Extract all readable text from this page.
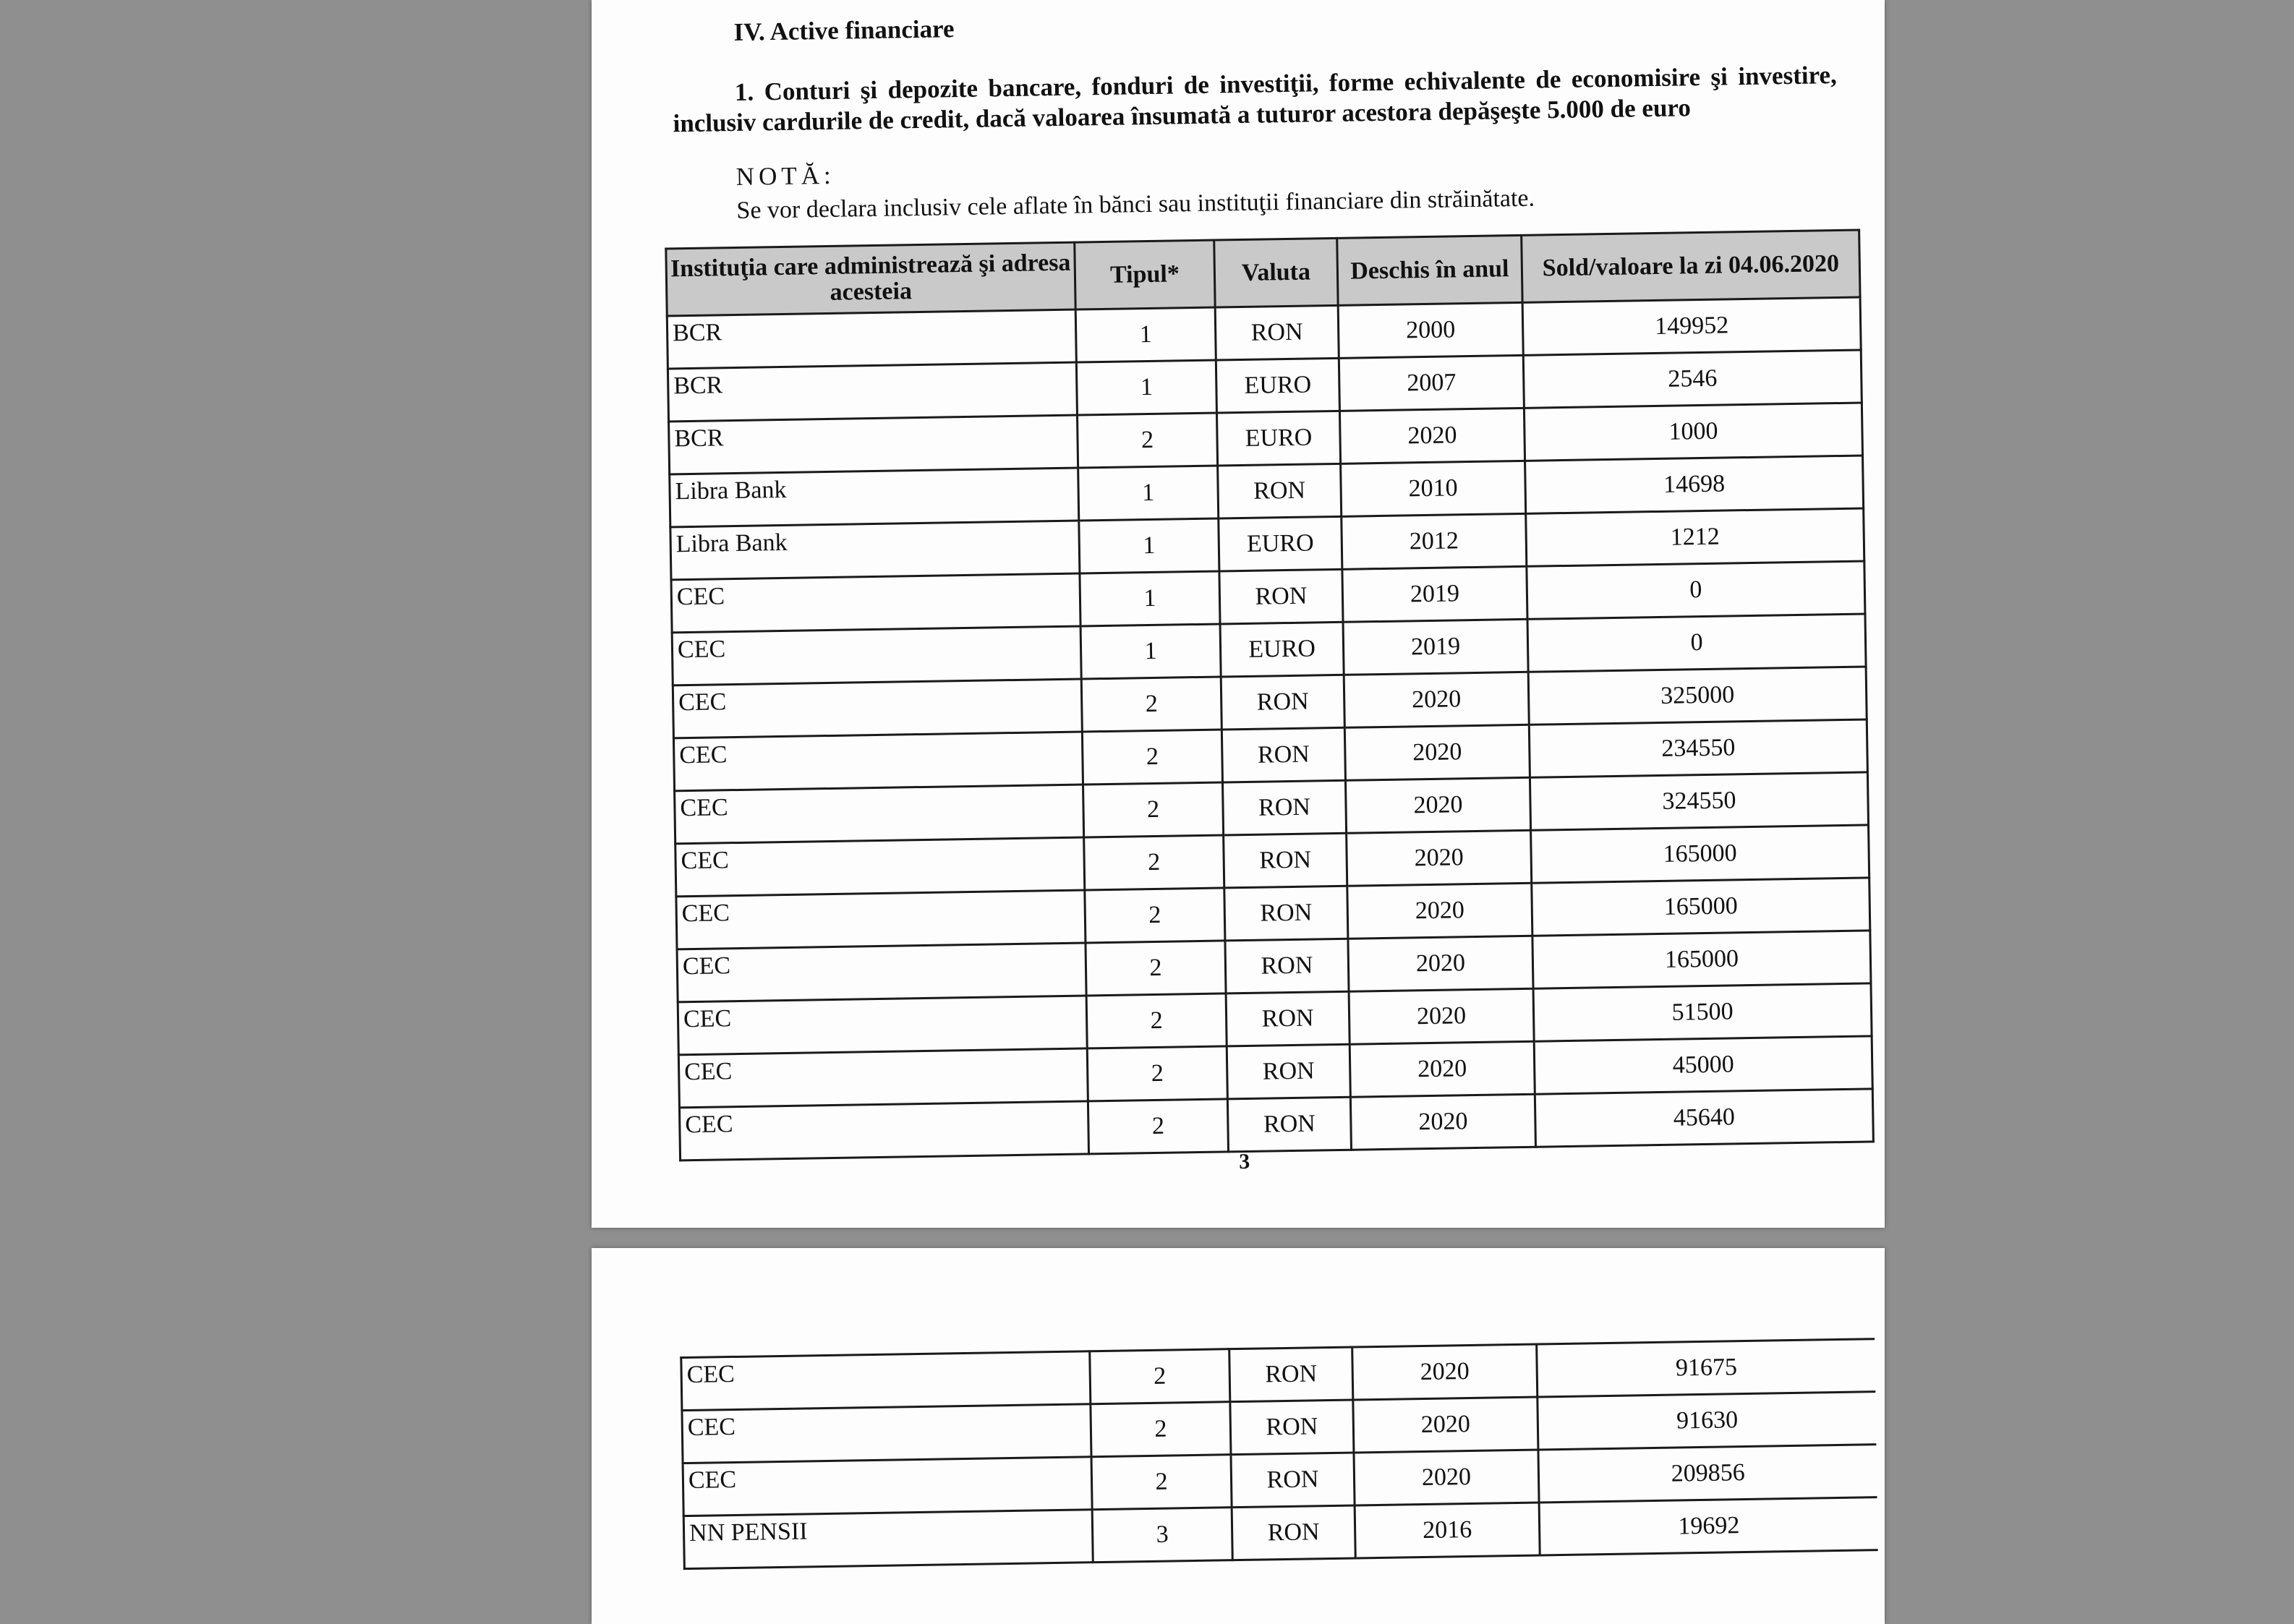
IV. Active financiare
1. Conturi şi depozite bancare, fonduri de investiţii, forme echivalente de economisire şi investire, inclusiv cardurile de credit, dacă valoarea însumată a tuturor acestora depăşeşte 5.000 de euro
NOTĂ:
Se vor declara inclusiv cele aflate în bănci sau instituţii financiare din străinătate.
Instituţia care administrează şi adresa acesteia	Tipul*	Valuta	Deschis în anul	Sold/valoare la zi 04.06.2020
BCR	1	RON	2000	149952
BCR	1	EURO	2007	2546
BCR	2	EURO	2020	1000
Libra Bank	1	RON	2010	14698
Libra Bank	1	EURO	2012	1212
CEC	1	RON	2019	0
CEC	1	EURO	2019	0
CEC	2	RON	2020	325000
CEC	2	RON	2020	234550
CEC	2	RON	2020	324550
CEC	2	RON	2020	165000
CEC	2	RON	2020	165000
CEC	2	RON	2020	165000
CEC	2	RON	2020	51500
CEC	2	RON	2020	45000
CEC	2	RON	2020	45640
3
CEC	2	RON	2020	91675
CEC	2	RON	2020	91630
CEC	2	RON	2020	209856
NN PENSII	3	RON	2016	19692
